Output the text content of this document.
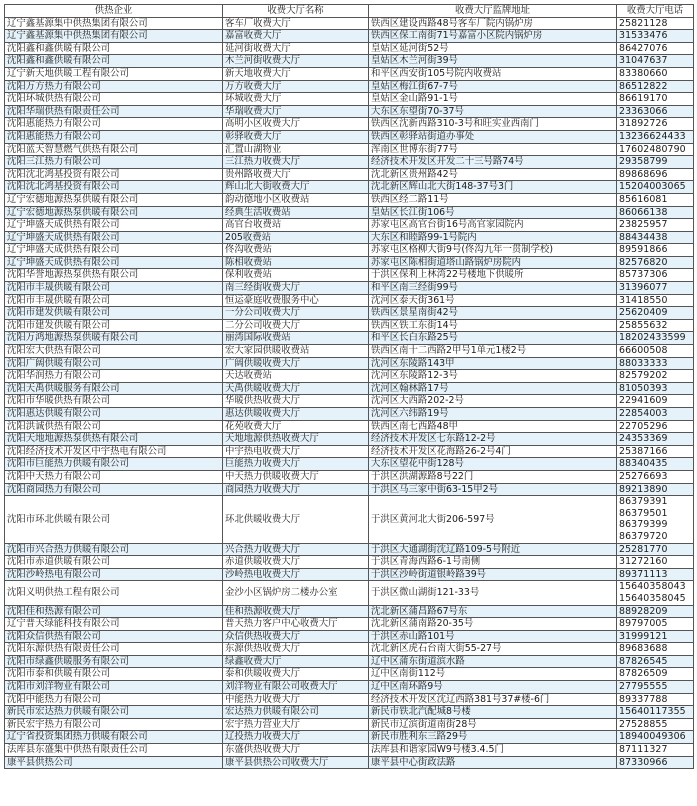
供热企业	收费大厅名称	收费大厅监牌地址	收费大厅电话
辽宁鑫基源集中供热集团有限公司	客车厂收费大厅	铁西区建设西路48号客车厂院内锅炉房	25821128
辽宁鑫基源集中供热集团有限公司	嘉富收费大厅	铁西区保工南街71号嘉富小区院内锅炉房	31533476
沈阳鑫和鑫供暖有限公司	延河街收费大厅	皇姑区延河街52号	86427076
沈阳鑫和鑫供暖有限公司	木兰河街收费大厅	皇姑区木兰河街39号	31047637
辽宁新天地供暖工程有限公司	新天地收费大厅	和平区西安街105号院内收费站	83380660
沈阳万方热力有限公司	万方收费大厅	皇姑区梅江街67-7号	86512822
沈阳环城供热有限公司	环城收费大厅	皇姑区金山路91-1号	86619170
沈阳华瑞供热有限责任公司	华瑞收费大厅	大东区东望街70-37号	23363066
沈阳惠能热力有限公司	高明小区收费大厅	铁西区沈新西路310-3号和旺实业西南门	31892726
沈阳惠能热力有限公司	彰驿收费大厅	铁西区彰驿站街道办事处	13236624433
沈阳蓝天智慧燃气供热有限公司	汇置山湖物业	浑南区世博东街77号	17602480790
沈阳三江热力有限公司	三江热力收费大厅	经济技术开发区开发二十三号路74号	29358799
沈阳沈北鸿基投资有限公司	贵州路收费大厅	沈北新区贵州路42号	89868696
沈阳沈北鸿基投资有限公司	辉山北大街收费大厅	沈北新区辉山北大街148-37号3门	15204003065
辽宁宏德地源热泵供暖有限公司	韵动德地小区收费站	铁西区经二路11号	85616081
辽宁宏德地源热泵供暖有限公司	经典生活收费站	皇姑区长江街106号	86066138
辽宁坤盛天成供热有限公司	高官台收费站	苏家屯区高官台街16号高官家园院内	23825957
辽宁坤盛天成供热有限公司	205收费站	大东区和睦路99-1号院内	88434438
辽宁坤盛天成供热有限公司	佟沟收费站	苏家屯区格柳大街9号(佟沟九年一贯制学校)	89591866
辽宁坤盛天成供热有限公司	陈相收费站	苏家屯区陈相街道塔山路锅炉房院内	82576820
沈阳华誉地源热泵供热有限公司	保利收费站	于洪区保利上林湾22号楼地下供暖所	85737306
沈阳市丰晟供暖有限公司	南三经街收费大厅	和平区南三经街99号	31396077
沈阳市丰晟供暖有限公司	恒运豪庭收费服务中心	沈河区泰天街361号	31418550
沈阳市建发供暖有限公司	一分公司收费大厅	铁西区景星南街42号	25620409
沈阳市建发供暖有限公司	二分公司收费大厅	铁西区铁工东街14号	25855632
沈阳万鸿地源热泵供暖有限公司	丽湾国际收费站	和平区长白东路25号	18202433599
沈阳宏大供热有限公司	宏大家园供暖收费站	铁西区南十二西路2甲号1单元1楼2号	66600508
沈阳广阔供暖有限公司	广阔供暖收费大厅	沈河区东陵路143甲	88033333
沈阳华润热力有限公司	天达收费站	沈河区东陵路12-3号	82579202
沈阳天禹供暖服务有限公司	天禹供暖收费大厅	沈河区翰林路17号	81050393
沈阳市华暖供热有限公司	华暖供热收费大厅	沈河区大西路202-2号	22941609
沈阳惠达供暖有限公司	惠达供暖收费大厅	沈河区六纬路19号	22854003
沈阳洪诚供热有限公司	花苑收费大厅	铁西区南七西路48甲	22705296
沈阳天地地源热泵供热有限公司	天地地源供热收费大厅	经济技术开发区七东路12-2号	24353369
沈阳经济技术开发区中宇热电有限公司	中宇热电收费大厅	经济技术开发区花海路26-2号4门	25387166
沈阳市巨能热力供暖有限公司	巨能热力收费大厅	大东区望花中街128号	88340435
沈阳中天热力有限公司	中天热力供暖收费大厅	于洪区洪湖源路8号22门	25276693
沈阳商园热力有限公司	商园热力收费大厅	于洪区马三家中街63-15甲2号	89213890
沈阳市环北供暖有限公司	环北供暖收费大厅	于洪区黄河北大街206-597号	86379391
86379501
86379399
86379720
沈阳市兴合热力供暖有限公司	兴合热力收费大厅	于洪区大通湖街沈辽路109-5号附近	25281770
沈阳市赤道供暖有限公司	赤道供暖收费大厅	于洪区青海西路6-1号南侧	31272160
沈阳沙岭热电有限公司	沙岭热电收费大厅	于洪区沙岭街道银岭路39号	89371113
沈阳义明供热工程有限公司	金沙小区锅炉房二楼办公室	于洪区微山湖街121-33号	15640358043
15640358045
沈阳佳和热源有限公司	佳和热源收费大厅	沈北新区蒲昌路67号东	88928209
辽宁普天绿能科技有限公司	普天热力客户中心收费大厅	沈北新区蒲南路20-35号	89797005
沈阳众信供热有限公司	众信供热收费大厅	于洪区赤山路101号	31999121
沈阳东源供热有限责任公司	东源供热收费大厅	沈北新区虎石台南大街55-27号	89683688
沈阳市绿鑫供暖服务有限公司	绿鑫收费大厅	辽中区蒲东街道滨水路	87826545
沈阳市泰和供暖有限公司	泰和供暖收费大厅	辽中区南街112号	87826509
沈阳市刘洋物业有限公司	刘洋物业有限公司收费大厅	辽中区南环路9号	27795555
沈阳中能热力有限公司	中能热力收费大厅	经济技术开发区沈辽西路381号37#楼-6门	89337788
新民市宏达热力供暖有限公司	宏达热力供暖有限公司	新民市铁北汽配城8号楼	15640117355
新民宏宇热力有限公司	宏宇热力营业大厅	新民市辽滨街道南街28号	27528855
辽宁省投资集团热力供暖有限公司	辽投热力收费大厅	新民市胜利东三路29号	18940049306
法库县东盛集中供热有限责任公司	东盛供热收费大厅	法库县和谐家园W9号楼3.4.5门	87111327
康平县供热公司	康平县供热公司收费大厅	康平县中心街政法路	87330966
